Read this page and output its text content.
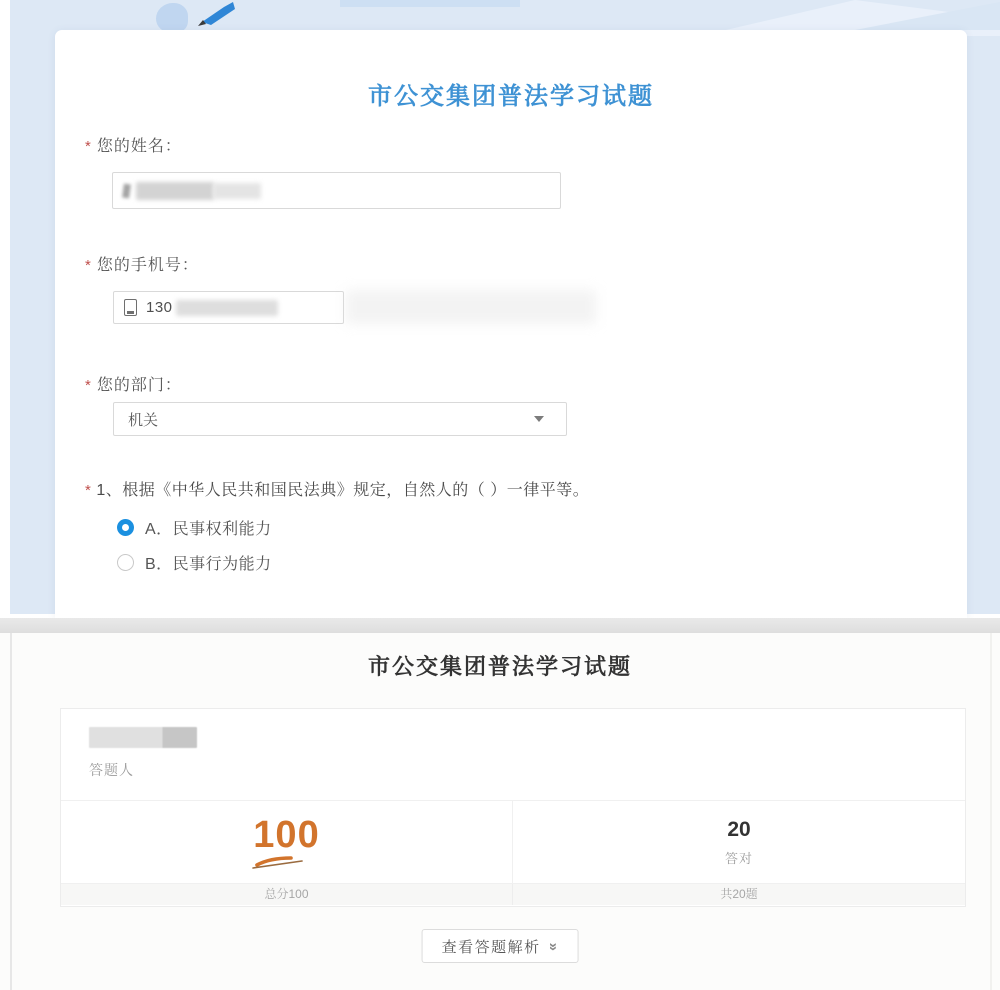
市公交集团普法学习试题
* 您的姓名：
* 您的手机号：
130
* 您的部门：
机关
* 1、根据《中华人民共和国民法典》规定，自然人的（ ）一律平等。
A．民事权利能力
B．民事行为能力
市公交集团普法学习试题
答题人
100	20
答对
总分100	共20题
查看答题解析 »
